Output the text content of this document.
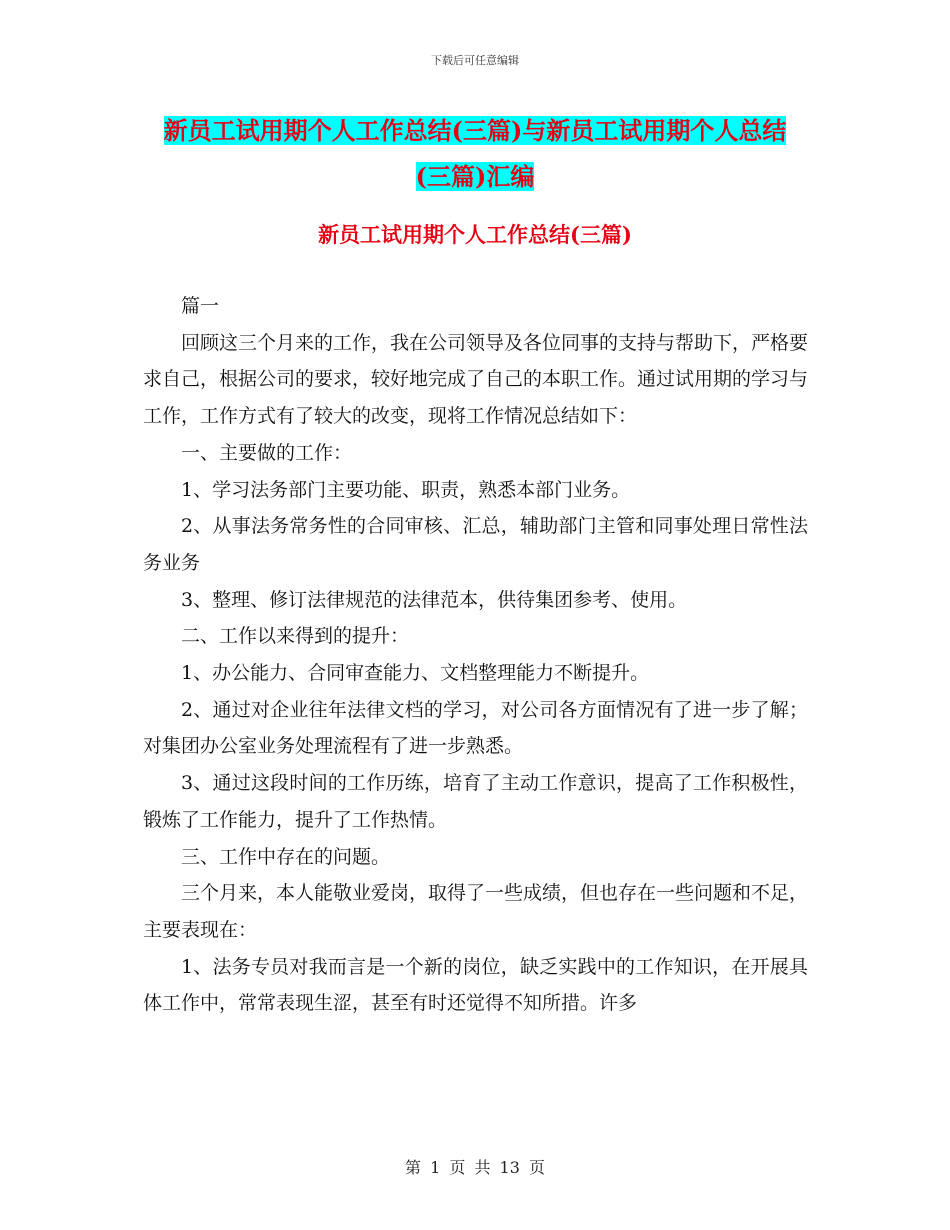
下载后可任意编辑
新员工试用期个人工作总结(三篇)与新员工试用期个人总结(三篇)汇编
新员工试用期个人工作总结(三篇)

篇一

回顾这三个月来的工作，我在公司领导及各位同事的支持与帮助下，严格要求自己，根据公司的要求，较好地完成了自己的本职工作。通过试用期的学习与工作，工作方式有了较大的改变，现将工作情况总结如下：

一、主要做的工作：

1、学习法务部门主要功能、职责，熟悉本部门业务。

2、从事法务常务性的合同审核、汇总，辅助部门主管和同事处理日常性法务业务

3、整理、修订法律规范的法律范本，供待集团参考、使用。

二、工作以来得到的提升：

1、办公能力、合同审查能力、文档整理能力不断提升。

2、通过对企业往年法律文档的学习，对公司各方面情况有了进一步了解；对集团办公室业务处理流程有了进一步熟悉。

3、通过这段时间的工作历练，培育了主动工作意识，提高了工作积极性，锻炼了工作能力，提升了工作热情。

三、工作中存在的问题。

三个月来，本人能敬业爱岗，取得了一些成绩，但也存在一些问题和不足，主要表现在：

1、法务专员对我而言是一个新的岗位，缺乏实践中的工作知识，在开展具体工作中，常常表现生涩，甚至有时还觉得不知所措。许多

第 1 页 共 13 页
